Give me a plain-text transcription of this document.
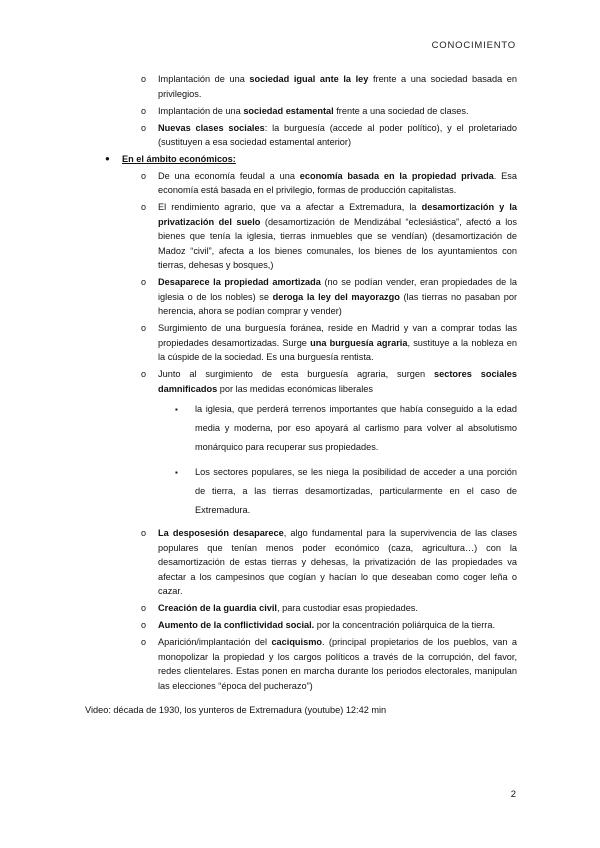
CONOCIMIENTO
o Implantación de una sociedad igual ante la ley frente a una sociedad basada en privilegios.
o Implantación de una sociedad estamental frente a una sociedad de clases.
o Nuevas clases sociales: la burguesía (accede al poder político), y el proletariado (sustituyen a esa sociedad estamental anterior)
● En el ámbito económicos:
o De una economía feudal a una economía basada en la propiedad privada. Esa economía está basada en el privilegio, formas de producción capitalistas.
o El rendimiento agrario, que va a afectar a Extremadura, la desamortización y la privatización del suelo (desamortización de Mendizábal “eclesiástica”, afectó a los bienes que tenía la iglesia, tierras inmuebles que se vendían) (desamortización de Madoz “civil”, afecta a los bienes comunales, los bienes de los ayuntamientos con tierras, dehesas y bosques,)
o Desaparece la propiedad amortizada (no se podían vender, eran propiedades de la iglesia o de los nobles) se deroga la ley del mayorazgo (las tierras no pasaban por herencia, ahora se podían comprar y vender)
o Surgimiento de una burguesía foránea, reside en Madrid y van a comprar todas las propiedades desamortizadas. Surge una burguesía agraria, sustituye a la nobleza en la cúspide de la sociedad. Es una burguesía rentista.
o Junto al surgimiento de esta burguesía agraria, surgen sectores sociales damnificados por las medidas económicas liberales
▪ la iglesia, que perderá terrenos importantes que había conseguido a la edad media y moderna, por eso apoyará al carlismo para volver al absolutismo monárquico para recuperar sus propiedades.
▪ Los sectores populares, se les niega la posibilidad de acceder a una porción de tierra, a las tierras desamortizadas, particularmente en el caso de Extremadura.
o La desposesión desaparece, algo fundamental para la supervivencia de las clases populares que tenían menos poder económico (caza, agricultura…) con la desamortización de estas tierras y dehesas, la privatización de las propiedades va afectar a los campesinos que cogían y hacían lo que deseaban como coger leña o cazar.
o Creación de la guardia civil, para custodiar esas propiedades.
o Aumento de la conflictividad social. por la concentración poliárquica de la tierra.
o Aparición/implantación del caciquismo. (principal propietarios de los pueblos, van a monopolizar la propiedad y los cargos políticos a través de la corrupción, del favor, redes clientelares. Estas ponen en marcha durante los periodos electorales, manipulan las elecciones “época del pucherazo”)
Video: década de 1930, los yunteros de Extremadura (youtube) 12:42 min
2
